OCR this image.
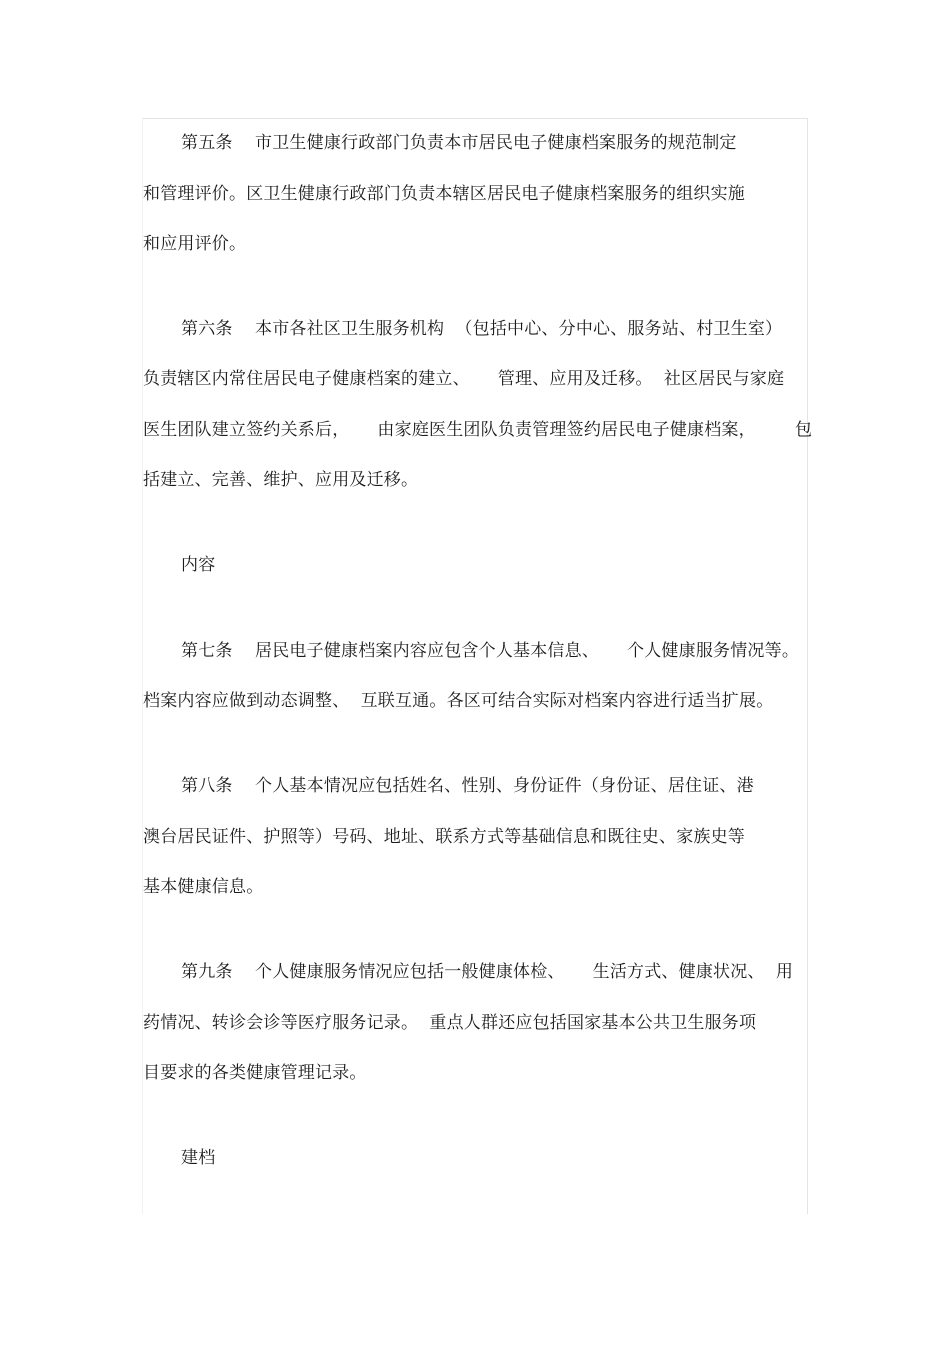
第五条    市卫生健康行政部门负责本市居民电子健康档案服务的规范制定
和管理评价。区卫生健康行政部门负责本辖区居民电子健康档案服务的组织实施
和应用评价。
第六条    本市各社区卫生服务机构  （包括中心、分中心、服务站、村卫生室）
负责辖区内常住居民电子健康档案的建立、     管理、应用及迁移。  社区居民与家庭
医生团队建立签约关系后，     由家庭医生团队负责管理签约居民电子健康档案，       包
括建立、完善、维护、应用及迁移。
内容
第七条    居民电子健康档案内容应包含个人基本信息、     个人健康服务情况等。
档案内容应做到动态调整、  互联互通。各区可结合实际对档案内容进行适当扩展。
第八条    个人基本情况应包括姓名、性别、身份证件（身份证、居住证、港
澳台居民证件、护照等）号码、地址、联系方式等基础信息和既往史、家族史等
基本健康信息。
第九条    个人健康服务情况应包括一般健康体检、     生活方式、健康状况、  用
药情况、转诊会诊等医疗服务记录。  重点人群还应包括国家基本公共卫生服务项
目要求的各类健康管理记录。
建档
